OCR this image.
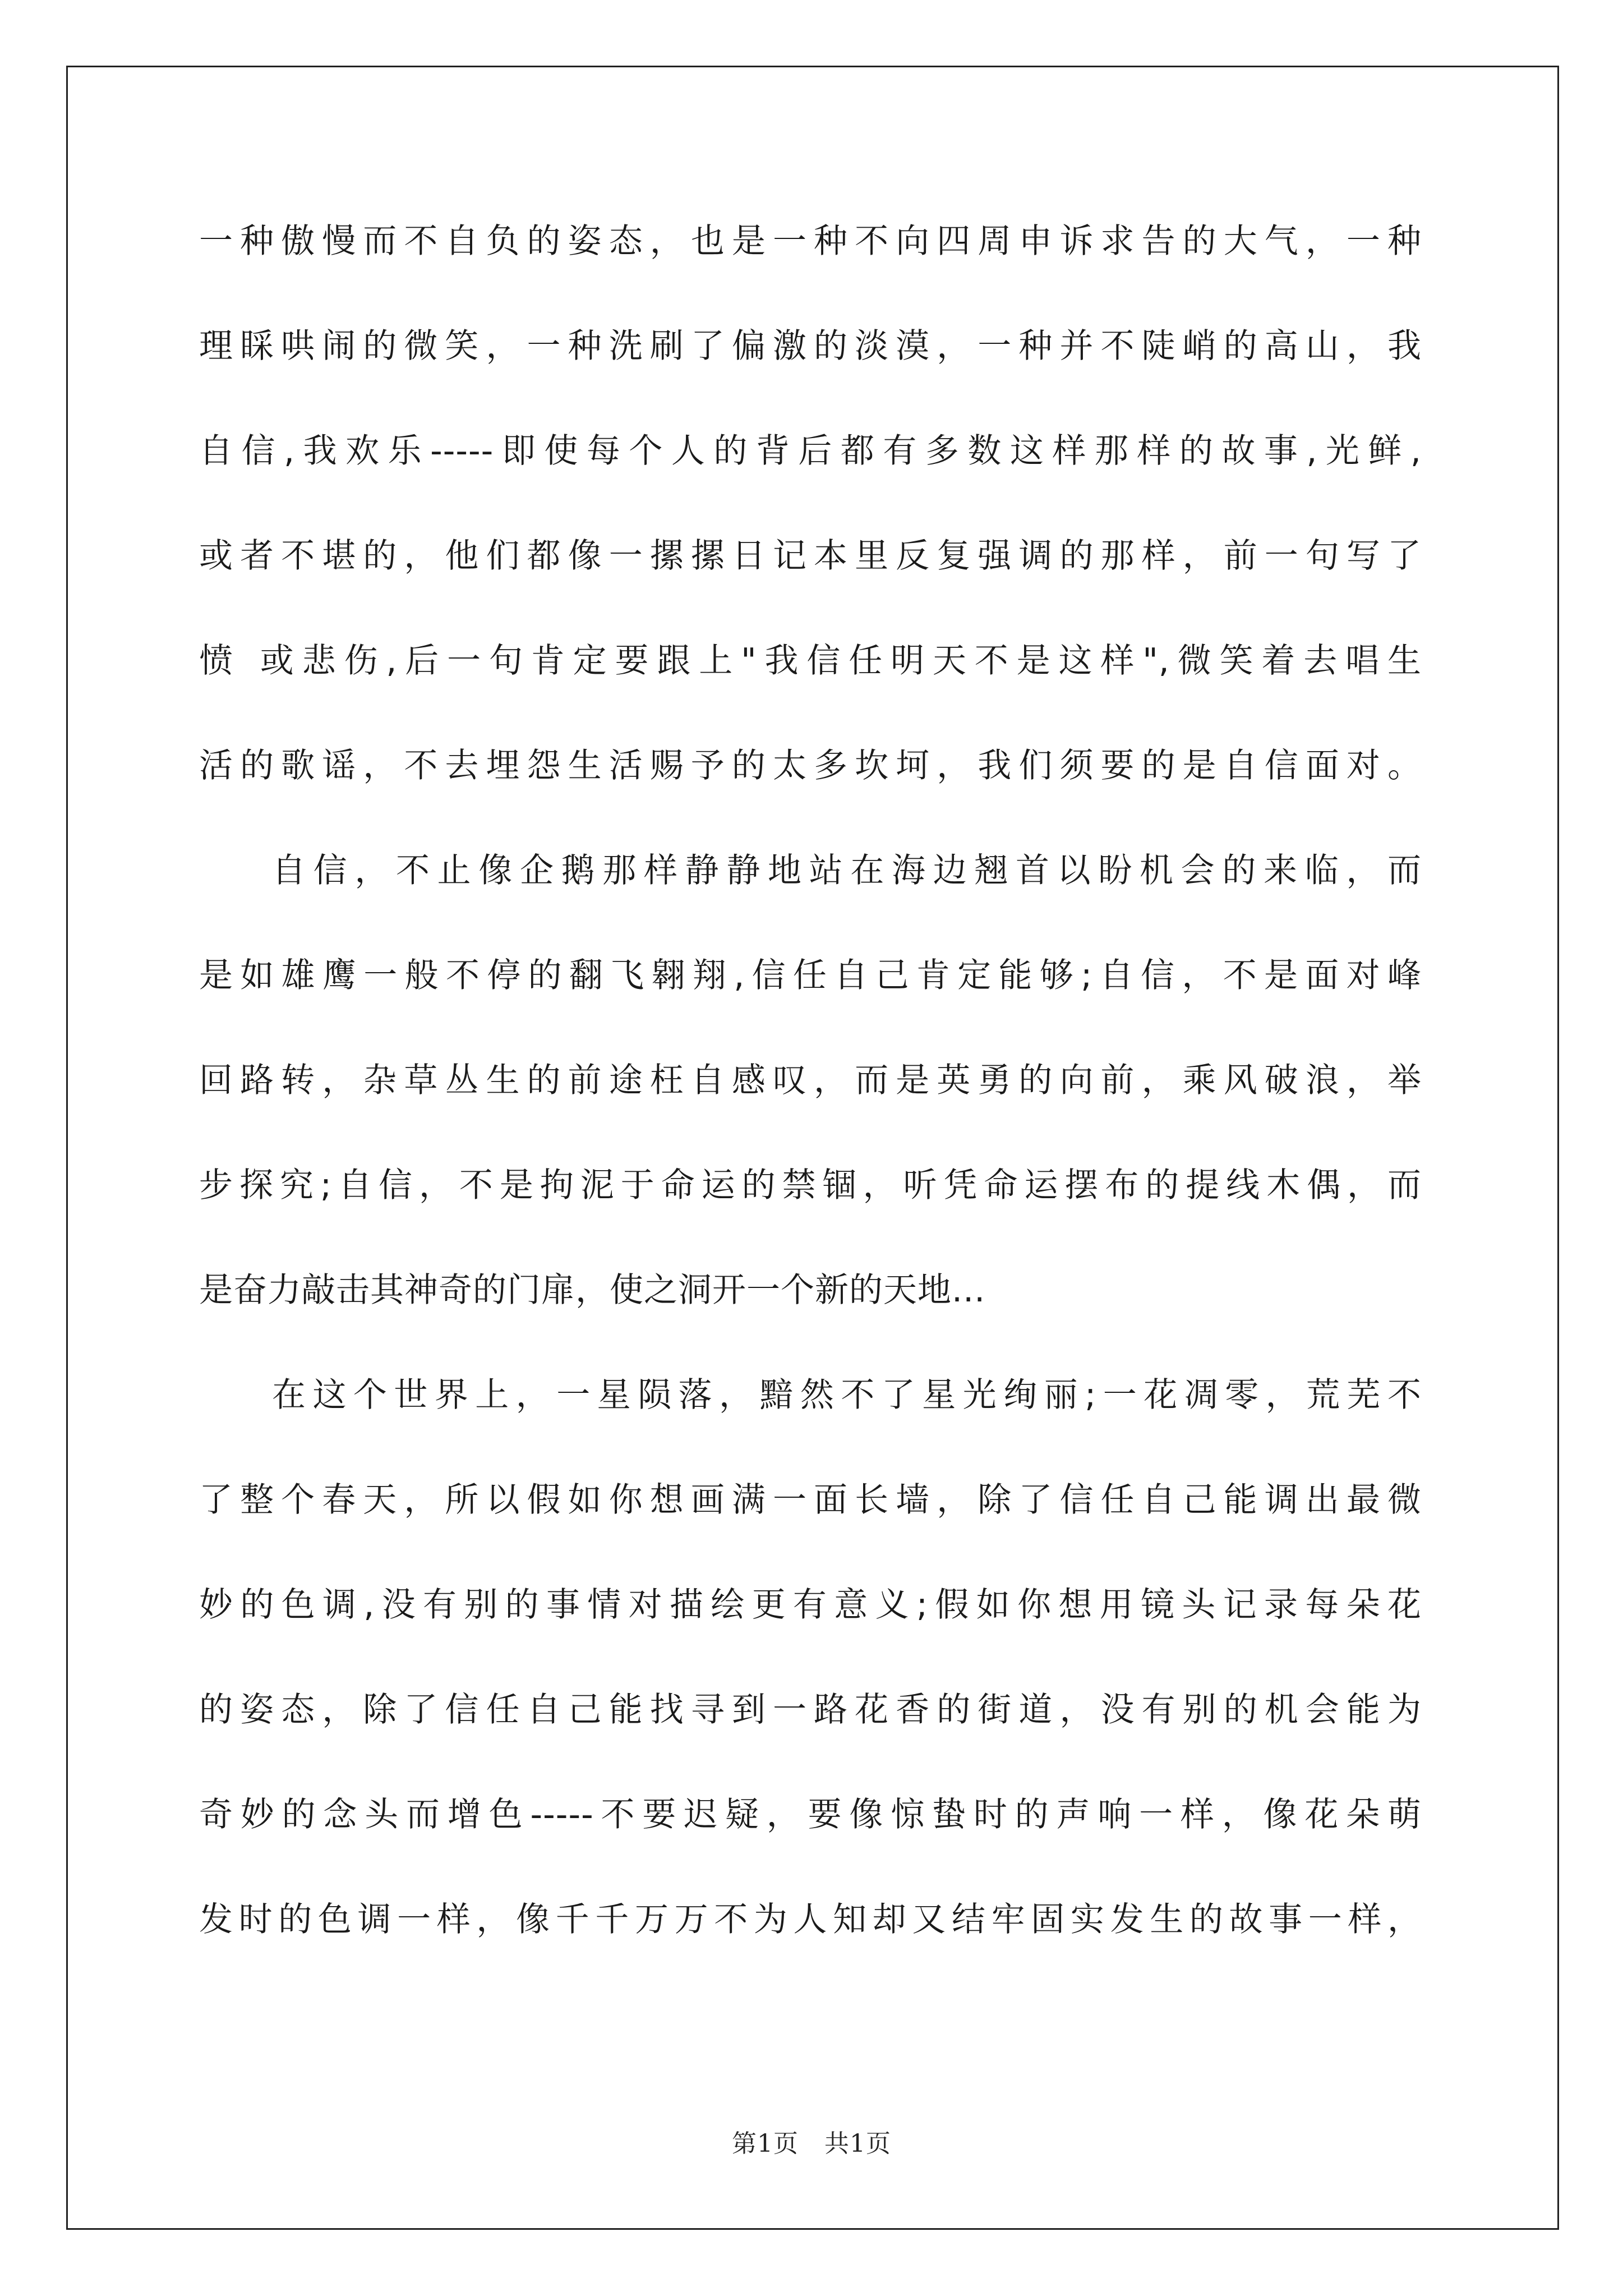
一种傲慢而不自负的姿态，也是一种不向四周申诉求告的大气，一种
理睬哄闹的微笑，一种洗刷了偏激的淡漠，一种并不陡峭的高山，我
自信,我欢乐-----即使每个人的背后都有多数这样那样的故事,光鲜,
或者不堪的，他们都像一摞摞日记本里反复强调的那样，前一句写了
愤 或悲伤,后一句肯定要跟上"我信任明天不是这样",微笑着去唱生
活的歌谣，不去埋怨生活赐予的太多坎坷，我们须要的是自信面对。
自信，不止像企鹅那样静静地站在海边翘首以盼机会的来临，而
是如雄鹰一般不停的翻飞翱翔,信任自己肯定能够;自信，不是面对峰
回路转，杂草丛生的前途枉自感叹，而是英勇的向前，乘风破浪，举
步探究;自信，不是拘泥于命运的禁锢，听凭命运摆布的提线木偶，而
是奋力敲击其神奇的门扉，使之洞开一个新的天地...
在这个世界上，一星陨落，黯然不了星光绚丽;一花凋零，荒芜不
了整个春天，所以假如你想画满一面长墙，除了信任自己能调出最微
妙的色调,没有别的事情对描绘更有意义;假如你想用镜头记录每朵花
的姿态，除了信任自己能找寻到一路花香的街道，没有别的机会能为
奇妙的念头而增色-----不要迟疑，要像惊蛰时的声响一样，像花朵萌
发时的色调一样，像千千万万不为人知却又结牢固实发生的故事一样，
第1页 共1页
